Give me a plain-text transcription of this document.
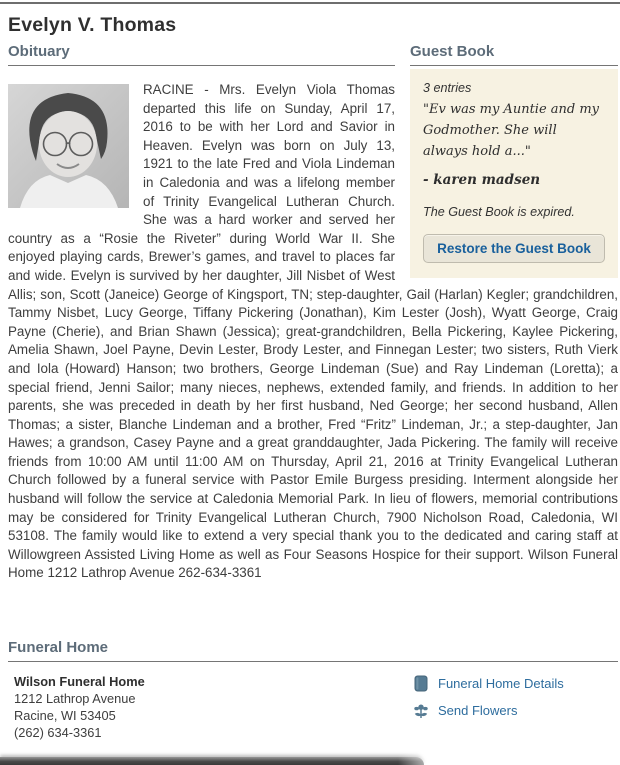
Evelyn V. Thomas
Guest Book
3 entries
"Ev was my Auntie and my Godmother. She will always hold a..."
- karen madsen
The Guest Book is expired.
Restore the Guest Book
Obituary
RACINE - Mrs. Evelyn Viola Thomas departed this life on Sunday, April 17, 2016 to be with her Lord and Savior in Heaven. Evelyn was born on July 13, 1921 to the late Fred and Viola Lindeman in Caledonia and was a lifelong member of Trinity Evangelical Lutheran Church. She was a hard worker and served her country as a “Rosie the Riveter” during World War II. She enjoyed playing cards, Brewer’s games, and travel to places far and wide. Evelyn is survived by her daughter, Jill Nisbet of West Allis; son, Scott (Janeice) George of Kingsport, TN; step-daughter, Gail (Harlan) Kegler; grandchildren, Tammy Nisbet, Lucy George, Tiffany Pickering (Jonathan), Kim Lester (Josh), Wyatt George, Craig Payne (Cherie), and Brian Shawn (Jessica); great-grandchildren, Bella Pickering, Kaylee Pickering, Amelia Shawn, Joel Payne, Devin Lester, Brody Lester, and Finnegan Lester; two sisters, Ruth Vierk and Iola (Howard) Hanson; two brothers, George Lindeman (Sue) and Ray Lindeman (Loretta); a special friend, Jenni Sailor; many nieces, nephews, extended family, and friends. In addition to her parents, she was preceded in death by her first husband, Ned George; her second husband, Allen Thomas; a sister, Blanche Lindeman and a brother, Fred “Fritz” Lindeman, Jr.; a step-daughter, Jan Hawes; a grandson, Casey Payne and a great granddaughter, Jada Pickering. The family will receive friends from 10:00 AM until 11:00 AM on Thursday, April 21, 2016 at Trinity Evangelical Lutheran Church followed by a funeral service with Pastor Emile Burgess presiding. Interment alongside her husband will follow the service at Caledonia Memorial Park. In lieu of flowers, memorial contributions may be considered for Trinity Evangelical Lutheran Church, 7900 Nicholson Road, Caledonia, WI 53108. The family would like to extend a very special thank you to the dedicated and caring staff at Willowgreen Assisted Living Home as well as Four Seasons Hospice for their support. Wilson Funeral Home 1212 Lathrop Avenue 262-634-3361
Funeral Home
Wilson Funeral Home
1212 Lathrop Avenue
Racine, WI 53405
(262) 634-3361
Funeral Home Details
Send Flowers
